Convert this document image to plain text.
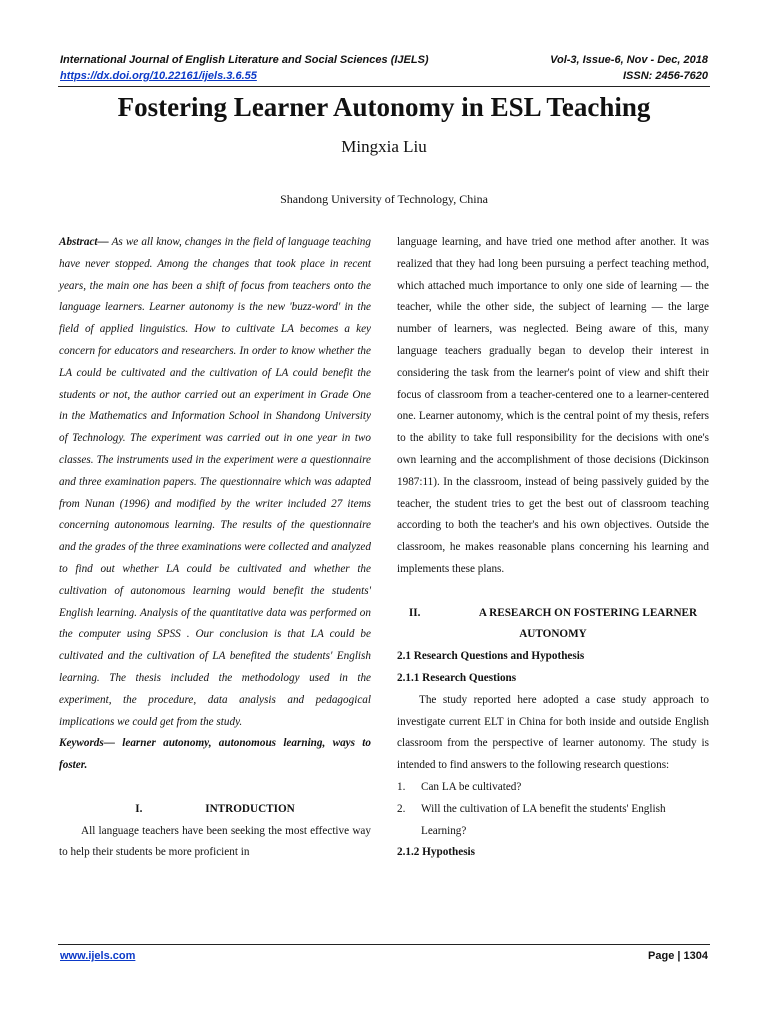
International Journal of English Literature and Social Sciences (IJELS)	Vol-3, Issue-6, Nov - Dec, 2018
https://dx.doi.org/10.22161/ijels.3.6.55	ISSN: 2456-7620
Fostering Learner Autonomy in ESL Teaching
Mingxia Liu
Shandong University of Technology, China

Abstract— As we all know, changes in the field of language teaching have never stopped. Among the changes that took place in recent years, the main one has been a shift of focus from teachers onto the language learners. Learner autonomy is the new 'buzz-word' in the field of applied linguistics. How to cultivate LA becomes a key concern for educators and researchers. In order to know whether the LA could be cultivated and the cultivation of LA could benefit the students or not, the author carried out an experiment in Grade One in the Mathematics and Information School in Shandong University of Technology. The experiment was carried out in one year in two classes. The instruments used in the experiment were a questionnaire and three examination papers. The questionnaire which was adapted from Nunan (1996) and modified by the writer included 27 items concerning autonomous learning. The results of the questionnaire and the grades of the three examinations were collected and analyzed to find out whether LA could be cultivated and whether the cultivation of autonomous learning would benefit the students' English learning. Analysis of the quantitative data was performed on the computer using SPSS . Our conclusion is that LA could be cultivated and the cultivation of LA benefited the students' English learning. The thesis included the methodology used in the experiment, the procedure, data analysis and pedagogical implications we could get from the study.

Keywords— learner autonomy, autonomous learning, ways to foster.

I.	INTRODUCTION

All language teachers have been seeking the most effective way to help their students be more proficient in

language learning, and have tried one method after another. It was realized that they had long been pursuing a perfect teaching method, which attached much importance to only one side of learning — the teacher, while the other side, the subject of learning — the large number of learners, was neglected. Being aware of this, many language teachers gradually began to develop their interest in considering the task from the learner's point of view and shift their focus of classroom from a teacher-centered one to a learner-centered one. Learner autonomy, which is the central point of my thesis, refers to the ability to take full responsibility for the decisions with one's own learning and the accomplishment of those decisions (Dickinson 1987:11). In the classroom, instead of being passively guided by the teacher, the student tries to get the best out of classroom teaching according to both the teacher's and his own objectives. Outside the classroom, he makes reasonable plans concerning his learning and implements these plans.

II.	A RESEARCH ON FOSTERING LEARNER

AUTONOMY

2.1 Research Questions and Hypothesis

2.1.1 Research Questions

The study reported here adopted a case study approach to investigate current ELT in China for both inside and outside English classroom from the perspective of learner autonomy. The study is intended to find answers to the following research questions:

1. Can LA be cultivated?

2. Will the cultivation of LA benefit the students' English Learning?

2.1.2 Hypothesis

www.ijels.com	Page | 1304
